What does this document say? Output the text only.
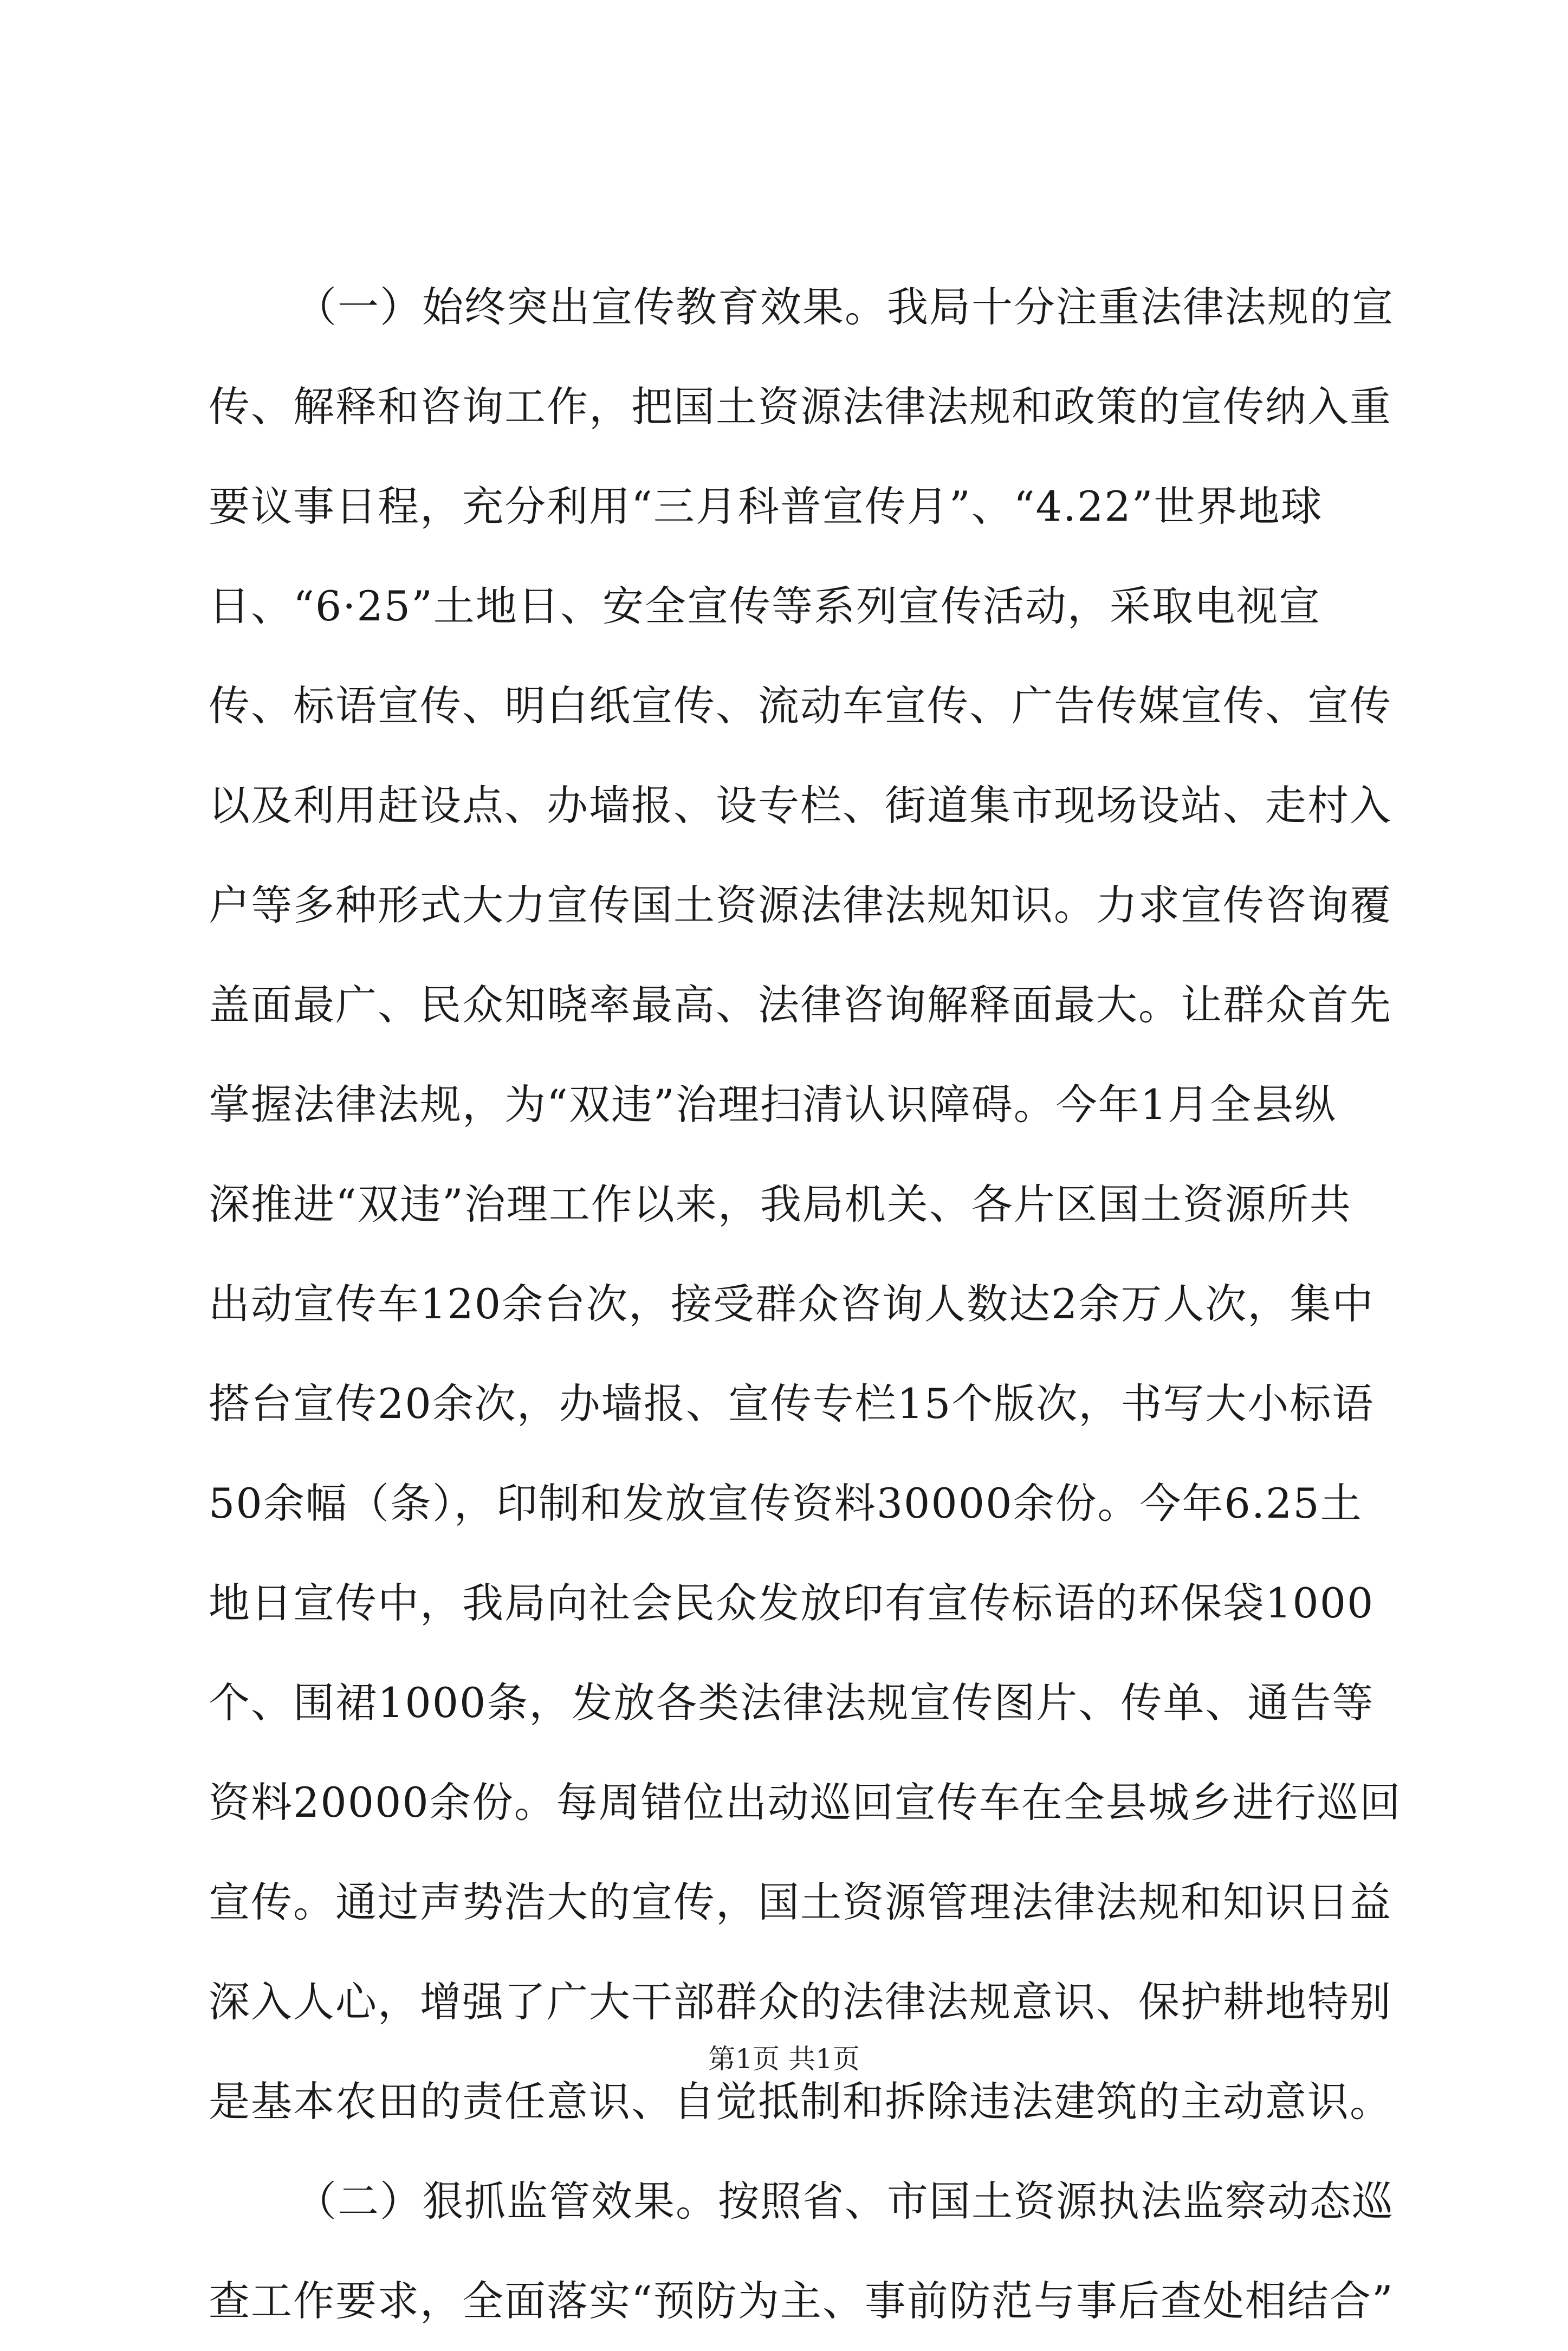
（一）始终突出宣传教育效果。我局十分注重法律法规的宣
传、解释和咨询工作，把国土资源法律法规和政策的宣传纳入重
要议事日程，充分利用“三月科普宣传月”、“4.22”世界地球
日、“6·25”土地日、安全宣传等系列宣传活动，采取电视宣
传、标语宣传、明白纸宣传、流动车宣传、广告传媒宣传、宣传
以及利用赶设点、办墙报、设专栏、街道集市现场设站、走村入
户等多种形式大力宣传国土资源法律法规知识。力求宣传咨询覆
盖面最广、民众知晓率最高、法律咨询解释面最大。让群众首先
掌握法律法规，为“双违”治理扫清认识障碍。今年1月全县纵
深推进“双违”治理工作以来，我局机关、各片区国土资源所共
出动宣传车120余台次，接受群众咨询人数达2余万人次，集中
搭台宣传20余次，办墙报、宣传专栏15个版次，书写大小标语
50余幅（条），印制和发放宣传资料30000余份。今年6.25土
地日宣传中，我局向社会民众发放印有宣传标语的环保袋1000
个、围裙1000条，发放各类法律法规宣传图片、传单、通告等
资料20000余份。每周错位出动巡回宣传车在全县城乡进行巡回
宣传。通过声势浩大的宣传，国土资源管理法律法规和知识日益
深入人心，增强了广大干部群众的法律法规意识、保护耕地特别
是基本农田的责任意识、自觉抵制和拆除违法建筑的主动意识。
（二）狠抓监管效果。按照省、市国土资源执法监察动态巡
查工作要求，全面落实“预防为主、事前防范与事后查处相结合”
第1页 共1页
